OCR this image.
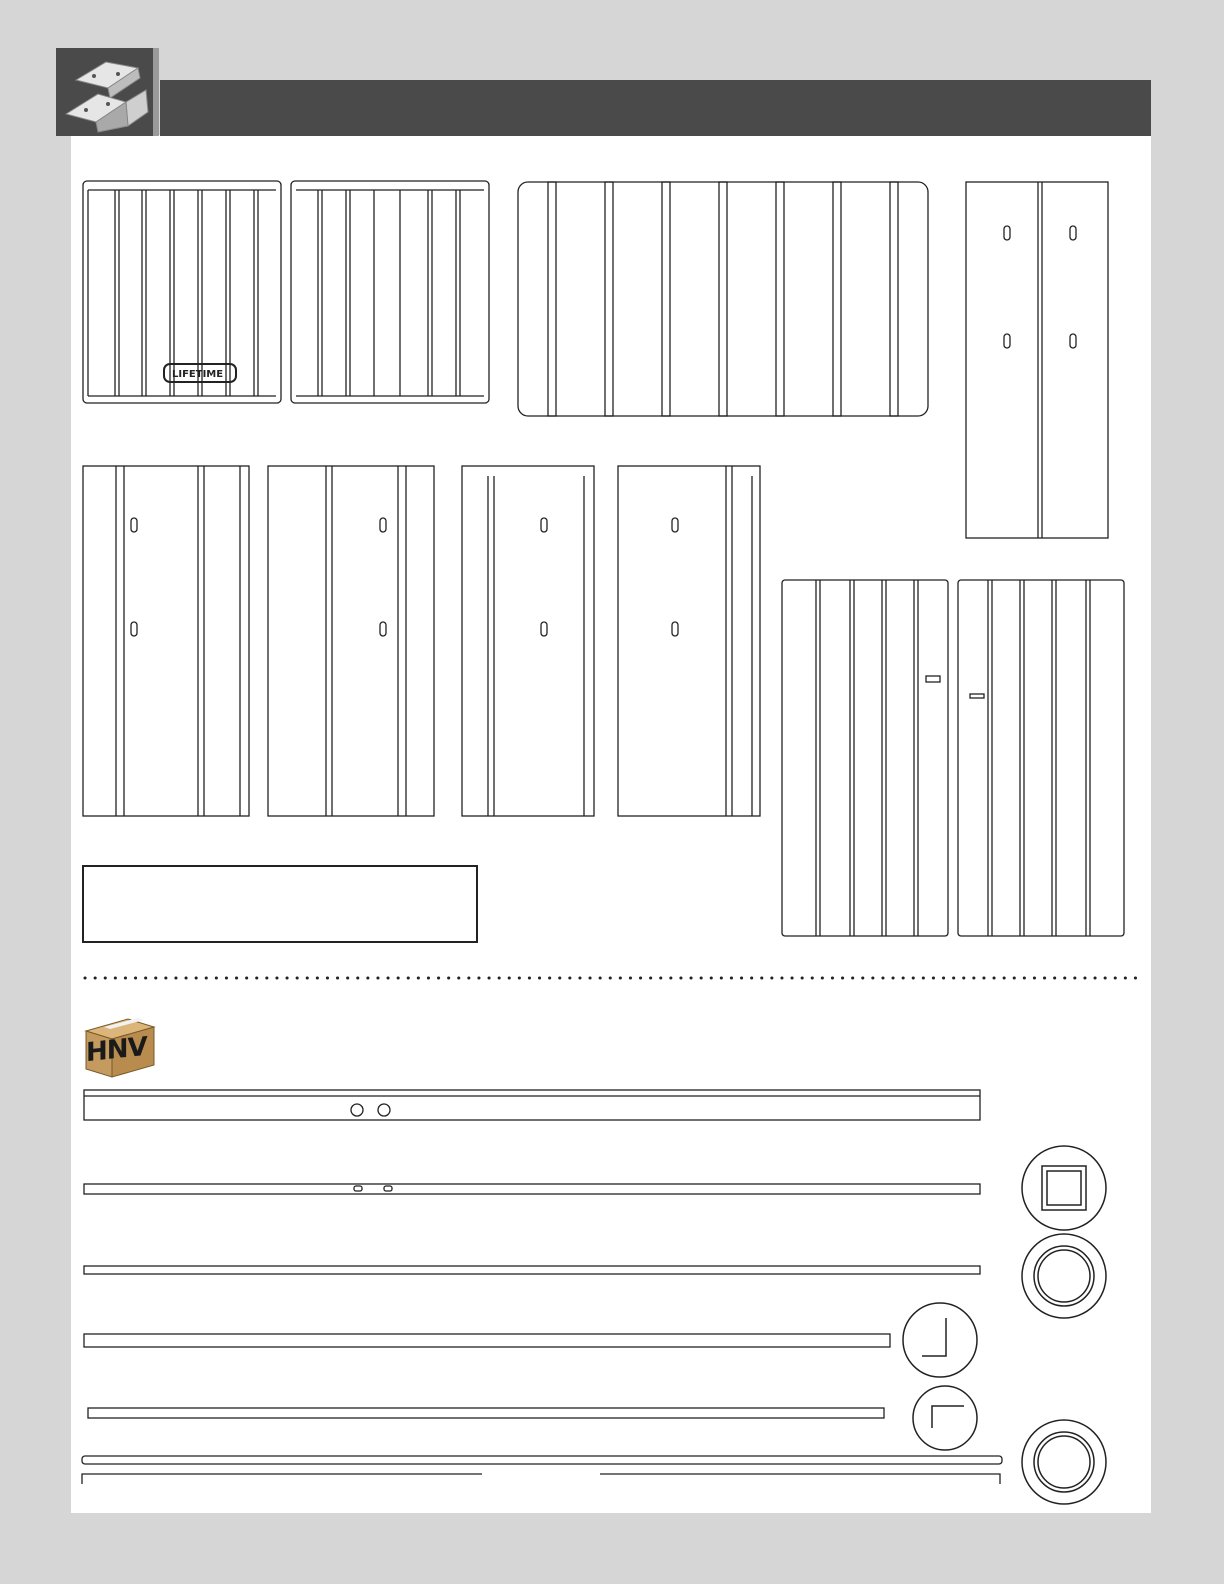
LIFETIME
HNV
